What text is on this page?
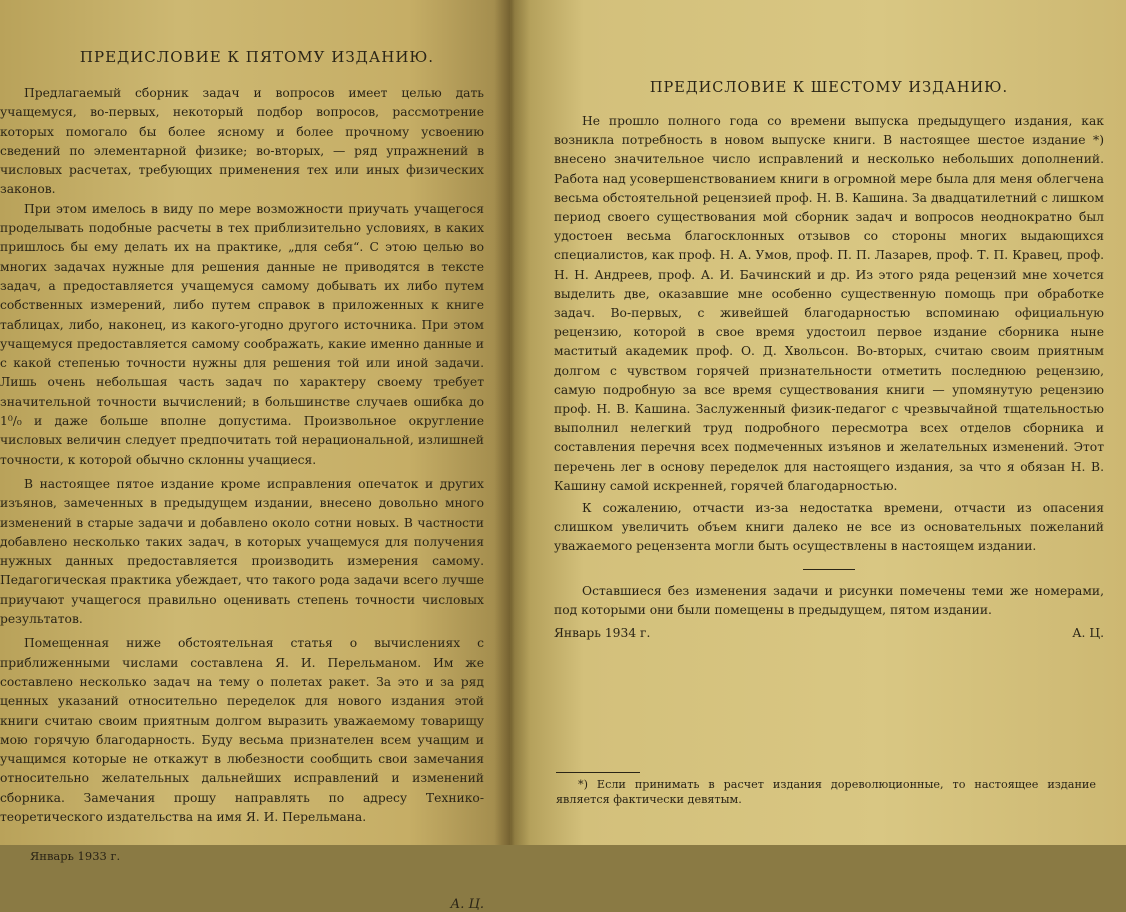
ПРЕДИСЛОВИЕ К ПЯТОМУ ИЗДАНИЮ.

Предлагаемый сборник задач и вопросов имеет целью дать учащемуся, во-первых, некоторый подбор вопросов, рассмотрение которых помогало бы более ясному и более прочному усвоению сведений по элементарной физике; во-вторых, — ряд упражнений в числовых расчетах, требующих применения тех или иных физических законов.

При этом имелось в виду по мере возможности приучать учащегося проделывать подобные расчеты в тех приблизительно условиях, в каких пришлось бы ему делать их на практике, „для себя“. С этою целью во многих задачах нужные для решения данные не приводятся в тексте задач, а предоставляется учащемуся самому добывать их либо путем собственных измерений, либо путем справок в приложенных к книге таблицах, либо, наконец, из какого-угодно другого источника. При этом учащемуся предоставляется самому соображать, какие именно данные и с какой степенью точности нужны для решения той или иной задачи. Лишь очень небольшая часть задач по характеру своему требует значительной точности вычислений; в большинстве случаев ошибка до 1⁰/₀ и даже больше вполне допустима. Произвольное округление числовых величин следует предпочитать той нерациональной, излишней точности, к которой обычно склонны учащиеся.

В настоящее пятое издание кроме исправления опечаток и других изъянов, замеченных в предыдущем издании, внесено довольно много изменений в старые задачи и добавлено около сотни новых. В частности добавлено несколько таких задач, в которых учащемуся для получения нужных данных предоставляется производить измерения самому. Педагогическая практика убеждает, что такого рода задачи всего лучше приучают учащегося правильно оценивать степень точности числовых результатов.

Помещенная ниже обстоятельная статья о вычислениях с приближенными числами составлена Я. И. Перельманом. Им же составлено несколько задач на тему о полетах ракет. За это и за ряд ценных указаний относительно переделок для нового издания этой книги считаю своим приятным долгом выразить уважаемому товарищу мою горячую благодарность. Буду весьма признателен всем учащим и учащимся которые не откажут в любезности сообщить свои замечания относительно желательных дальнейших исправлений и изменений сборника. Замечания прошу направлять по адресу Технико-теоретического издательства на имя Я. И. Перельмана.

Январь 1933 г.
А. Ц.
ПРЕДИСЛОВИЕ К ШЕСТОМУ ИЗДАНИЮ.

Не прошло полного года со времени выпуска предыдущего издания, как возникла потребность в новом выпуске книги. В настоящее шестое издание *) внесено значительное число исправлений и несколько небольших дополнений. Работа над усовершенствованием книги в огромной мере была для меня облегчена весьма обстоятельной рецензией проф. Н. В. Кашина. За двадцатилетний с лишком период своего существования мой сборник задач и вопросов неоднократно был удостоен весьма благосклонных отзывов со стороны многих выдающихся специалистов, как проф. Н. А. Умов, проф. П. П. Лазарев, проф. Т. П. Кравец, проф. Н. Н. Андреев, проф. А. И. Бачинский и др. Из этого ряда рецензий мне хочется выделить две, оказавшие мне особенно существенную помощь при обработке задач. Во-первых, с живейшей благодарностью вспоминаю официальную рецензию, которой в свое время удостоил первое издание сборника ныне маститый академик проф. О. Д. Хвольсон. Во-вторых, считаю своим приятным долгом с чувством горячей признательности отметить последнюю рецензию, самую подробную за все время существования книги — упомянутую рецензию проф. Н. В. Кашина. Заслуженный физик-педагог с чрезвычайной тщательностью выполнил нелегкий труд подробного пересмотра всех отделов сборника и составления перечня всех подмеченных изъянов и желательных изменений. Этот перечень лег в основу переделок для настоящего издания, за что я обязан Н. В. Кашину самой искренней, горячей благодарностью.

К сожалению, отчасти из-за недостатка времени, отчасти из опасения слишком увеличить объем книги далеко не все из основательных пожеланий уважаемого рецензента могли быть осуществлены в настоящем издании.

Оставшиеся без изменения задачи и рисунки помечены теми же номерами, под которыми они были помещены в предыдущем, пятом издании.

Январь 1934 г.	А. Ц.

*) Если принимать в расчет издания дореволюционные, то настоящее издание является фактически девятым.
